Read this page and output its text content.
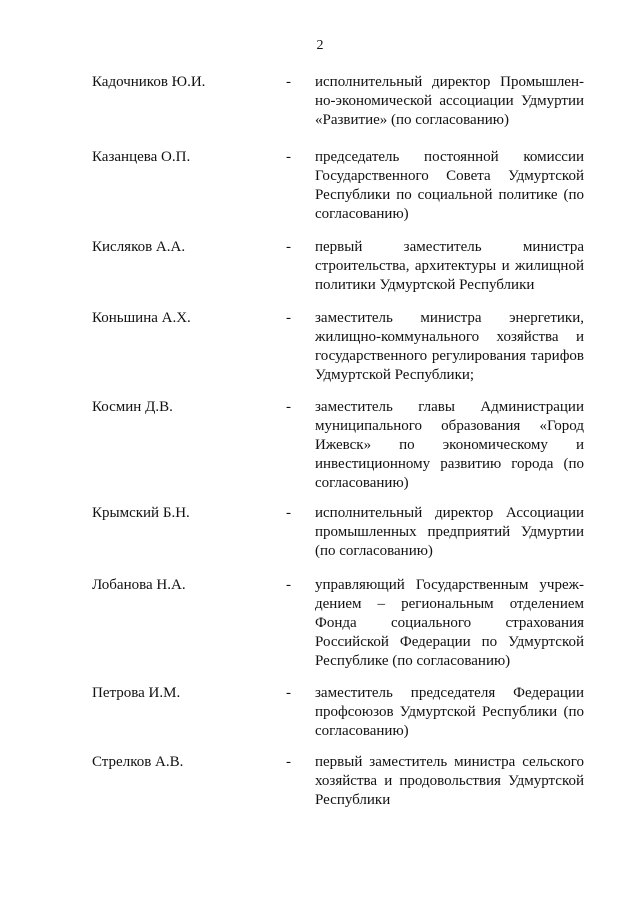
2
Кадочников Ю.И.	-	исполнительный директор Промышленно-экономической ассоциации Удмуртии «Развитие» (по согласованию)
Казанцева О.П.	-	председатель постоянной комиссии Государственного Совета Удмуртской Республики по социальной политике (по согласованию)
Кисляков А.А.	-	первый заместитель министра строительства, архитектуры и жилищной политики Удмуртской Республики
Коньшина А.Х.	-	заместитель министра энергетики, жилищно-коммунального хозяйства и государственного регулирования тарифов Удмуртской Республики;
Космин Д.В.	-	заместитель главы Администрации муниципального образования «Город Ижевск» по экономическому и инвестиционному развитию города (по согласованию)
Крымский Б.Н.	-	исполнительный директор Ассоциации промышленных предприятий Удмуртии (по согласованию)
Лобанова Н.А.	-	управляющий Государственным учреждением – региональным отделением Фонда социального страхования Российской Федерации по Удмуртской Республике (по согласованию)
Петрова И.М.	-	заместитель председателя Федерации профсоюзов Удмуртской Республики (по согласованию)
Стрелков А.В.	-	первый заместитель министра сельского хозяйства и продовольствия Удмуртской Республики
